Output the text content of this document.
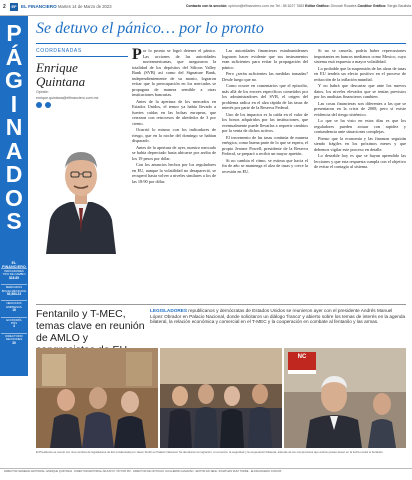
2	EF EL FINANCIERO Martes 14 de Marzo de 2023	Contacto con la sección: opinion@elfinanciero.com.mx Tel.: 55 5227 7683 Editor Gráfico: Dinorah Rosales Coeditor Gráfico: Sergio Bautista
P
Á
G
I
N
A
D
O
S
EL FINANCIERO
INDICADORES
TIPO DE CAMBIO
$18.89
MERCADOS
BOLSA MEXICANA
52,584.23
NEGOCIOS
EMPRESAS
18
ECONOMÍA
PAÍS
4
DIRECTORIO
SECCIONES
30
Se detuvo el pánico… por lo pronto
COORDENADAS
Enrique Quintana
Opinión
enrique.quintana@elfinanciero.com.mx

Por lo pronto se logró detener el pánico. Las acciones de las autoridades norteamericanas, que aseguraron la totalidad de los depósitos del Silicon Valley Bank (SVB) así como del Signature Bank, independientemente de su monto, lograron evitar que la preocupación en los mercados se propagara de manera sensible a otras instituciones bancarias.

Antes de la apertura de los mercados en Estados Unidos, el temor ya había llevado a fuertes caídas en las bolsas europeas, que cerraron con retrocesos de alrededor de 3 por ciento.

Ocurrió lo mismo con los indicadores de riesgo, que en la noche del domingo se habían disparado.

Antes de la apertura de ayer, nuestro mercado se había depreciado hasta ubicarse por arriba de los 19 pesos por dólar.

Con los anuncios hechos por los reguladores en EU, aunque la volatilidad no desapareció, se recuperó hasta volver a niveles similares a los de las 18:90 por dólar.

Las autoridades financieras estadounidenses lograron hacer evidente que sus instrumentos eran suficientes para evitar la propagación del pánico.

Pero ¿serán suficientes las medidas tomadas? Desde luego que no.

Como ocurre en comentarios que el episodio, más allá de los errores específicos cometidos por los administradores del SVB, el origen del problema radica en el alza rápida de las tasas de interés por parte de la Reserva Federal.

Uno de los impactos es la caída en el valor de los bonos adquiridos por las instituciones, que eventualmente puede llevarlas a requerir cambios por la venta de dichos activos.

El incremento de las tasas continúa de manera enérgica, como buena parte de lo que se espera, el propio Jerome Powell, presidente de la Reserva Federal, se preparó a recibir un mayor apretón.

Si no cambia el ritmo, se estima que hacia el fin de año se mantenga el alza de tasas y crece la recesión en EU.

Si no se cancela, podría haber repercusiones importantes en bancos medianos como Mexico, cuyo sistema está expuesto a mayor volatilidad.

Lo probable que la suspensión de las alzas de tasas en EU tendría un efecto positivo en el proceso de reducción de la inflación mundial.

Y no habrá que descartar que ante los nuevos datos, los niveles elevados que se tenían previstos por los analistas financieros cambien.

Las cosas financieras son diferentes a las que se presentaron en la crisis de 2008, pero sí existe evidencia del riesgo sistémico.

Lo que se ha visto en estos días es que los reguladores pueden actuar con rapidez y contundencia ante situaciones complejas.

Pienso que la economía y las finanzas seguirán siendo frágiles en los próximos meses y que debemos vigilar este proceso en detalle.

Lo deseable hoy es que se hayan aprendido las lecciones y que esta respuesta cumpla con el objetivo de evitar el contagio al sistema.

Fentanilo y T-MEC, temas clave en reunión de AMLO y
LEGISLADORES republicanos y demócratas de Estados Unidos se reunieron ayer con el presidente Andrés Manuel López Obrador en Palacio Nacional, donde solicitaron un diálogo 'franco' y abierto sobre los temas de interés en la agenda bilateral, la relación económica y comercial en el T-MEC y la cooperación en combate al fentanilo y las armas.
NC
El Presidente se reunió con una comitiva de legisladores de EU encabezada por Jason Smith en Palacio Nacional. Se abordaron la migración, el comercio, la seguridad y la cooperación bilateral, además de los compromisos que ambos países tienen en la lucha contra el fentanilo.
DIRECTOR GENERAL EDITORIAL: ENRIQUE QUINTANA · DIRECTOR EDITORIAL ADJUNTO: VÍCTOR PIZ · DIRECTOR DE NOTICIAS: GUILLERMO ALMAZÁN · EDITOR EN JEFE: JONATHAN RUIZ TORRE · ELFINANCIERO.COM.MX
